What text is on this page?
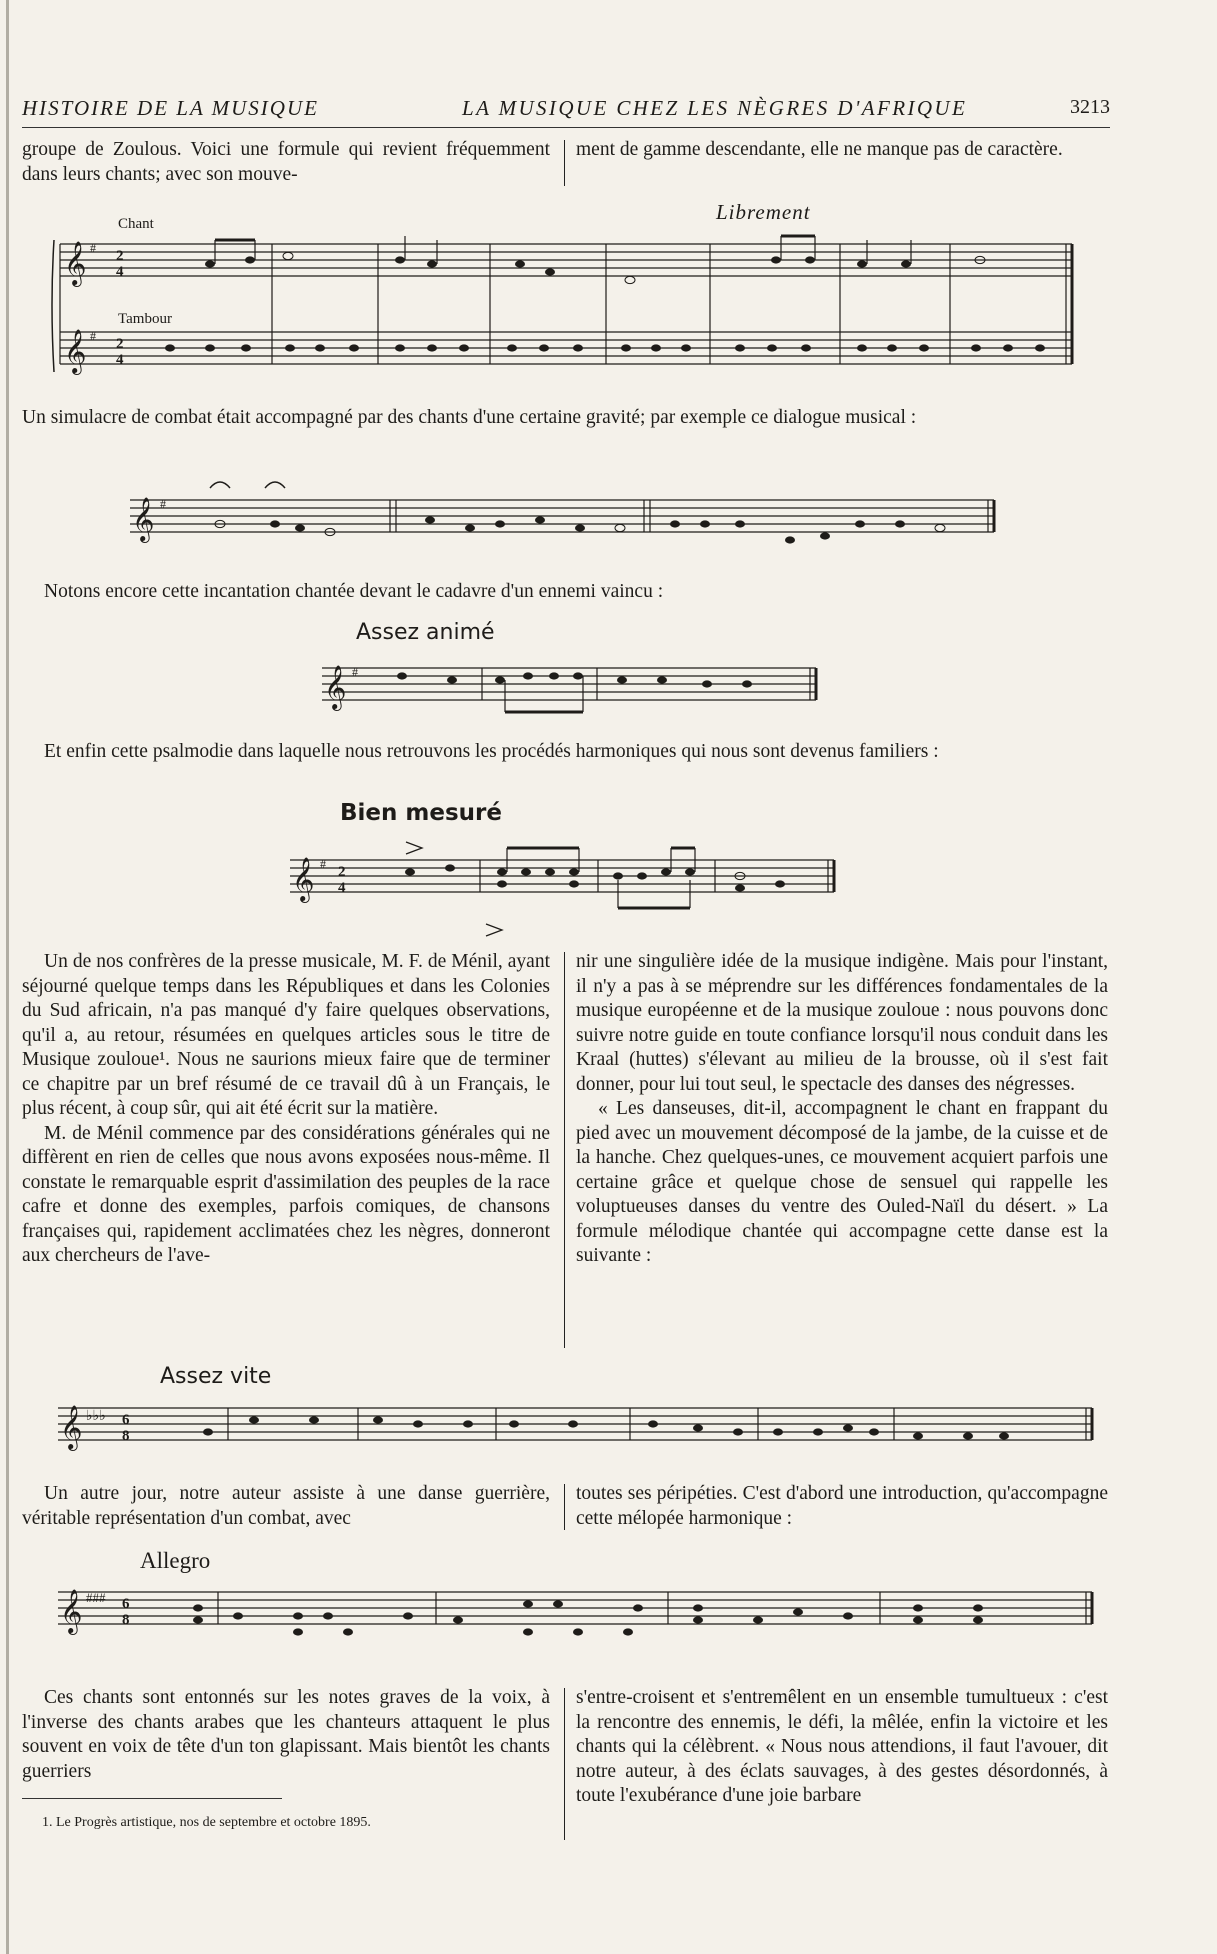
HISTOIRE DE LA MUSIQUE	LA MUSIQUE CHEZ LES NÈGRES D'AFRIQUE	3213

groupe de Zoulous. Voici une formule qui revient fréquemment dans leurs chants; avec son mouve-

ment de gamme descendante, elle ne manque pas de caractère.

Chant	Librement
Tambour
𝄞
𝄞
#
#
2
4
2
4
Un simulacre de combat était accompagné par des chants d'une certaine gravité; par exemple ce dialogue musical :
𝄞 #
Notons encore cette incantation chantée devant le cadavre d'un ennemi vaincu :
Assez animé
𝄞 #
Et enfin cette psalmodie dans laquelle nous retrouvons les procédés harmoniques qui nous sont devenus familiers :
Bien mesuré
𝄞 # 2
4

Un de nos confrères de la presse musicale, M. F. de Ménil, ayant séjourné quelque temps dans les Républiques et dans les Colonies du Sud africain, n'a pas manqué d'y faire quelques observations, qu'il a, au retour, résumées en quelques articles sous le titre de Musique zouloue¹. Nous ne saurions mieux faire que de terminer ce chapitre par un bref résumé de ce travail dû à un Français, le plus récent, à coup sûr, qui ait été écrit sur la matière.

M. de Ménil commence par des considérations générales qui ne diffèrent en rien de celles que nous avons exposées nous-même. Il constate le remarquable esprit d'assimilation des peuples de la race cafre et donne des exemples, parfois comiques, de chansons françaises qui, rapidement acclimatées chez les nègres, donneront aux chercheurs de l'ave-

nir une singulière idée de la musique indigène. Mais pour l'instant, il n'y a pas à se méprendre sur les différences fondamentales de la musique européenne et de la musique zouloue : nous pouvons donc suivre notre guide en toute confiance lorsqu'il nous conduit dans les Kraal (huttes) s'élevant au milieu de la brousse, où il s'est fait donner, pour lui tout seul, le spectacle des danses des négresses.

« Les danseuses, dit-il, accompagnent le chant en frappant du pied avec un mouvement décomposé de la jambe, de la cuisse et de la hanche. Chez quelques-unes, ce mouvement acquiert parfois une certaine grâce et quelque chose de sensuel qui rappelle les voluptueuses danses du ventre des Ouled-Naïl du désert. » La formule mélodique chantée qui accompagne cette danse est la suivante :

Assez vite
𝄞 ♭♭♭ 6
8

Un autre jour, notre auteur assiste à une danse guerrière, véritable représentation d'un combat, avec

toutes ses péripéties. C'est d'abord une introduction, qu'accompagne cette mélopée harmonique :

Allegro
𝄞 ### 6
8

Ces chants sont entonnés sur les notes graves de la voix, à l'inverse des chants arabes que les chanteurs attaquent le plus souvent en voix de tête d'un ton glapissant. Mais bientôt les chants guerriers

s'entre-croisent et s'entremêlent en un ensemble tumultueux : c'est la rencontre des ennemis, le défi, la mêlée, enfin la victoire et les chants qui la célèbrent. « Nous nous attendions, il faut l'avouer, dit notre auteur, à des éclats sauvages, à des gestes désordonnés, à toute l'exubérance d'une joie barbare

1. Le Progrès artistique, nos de septembre et octobre 1895.
